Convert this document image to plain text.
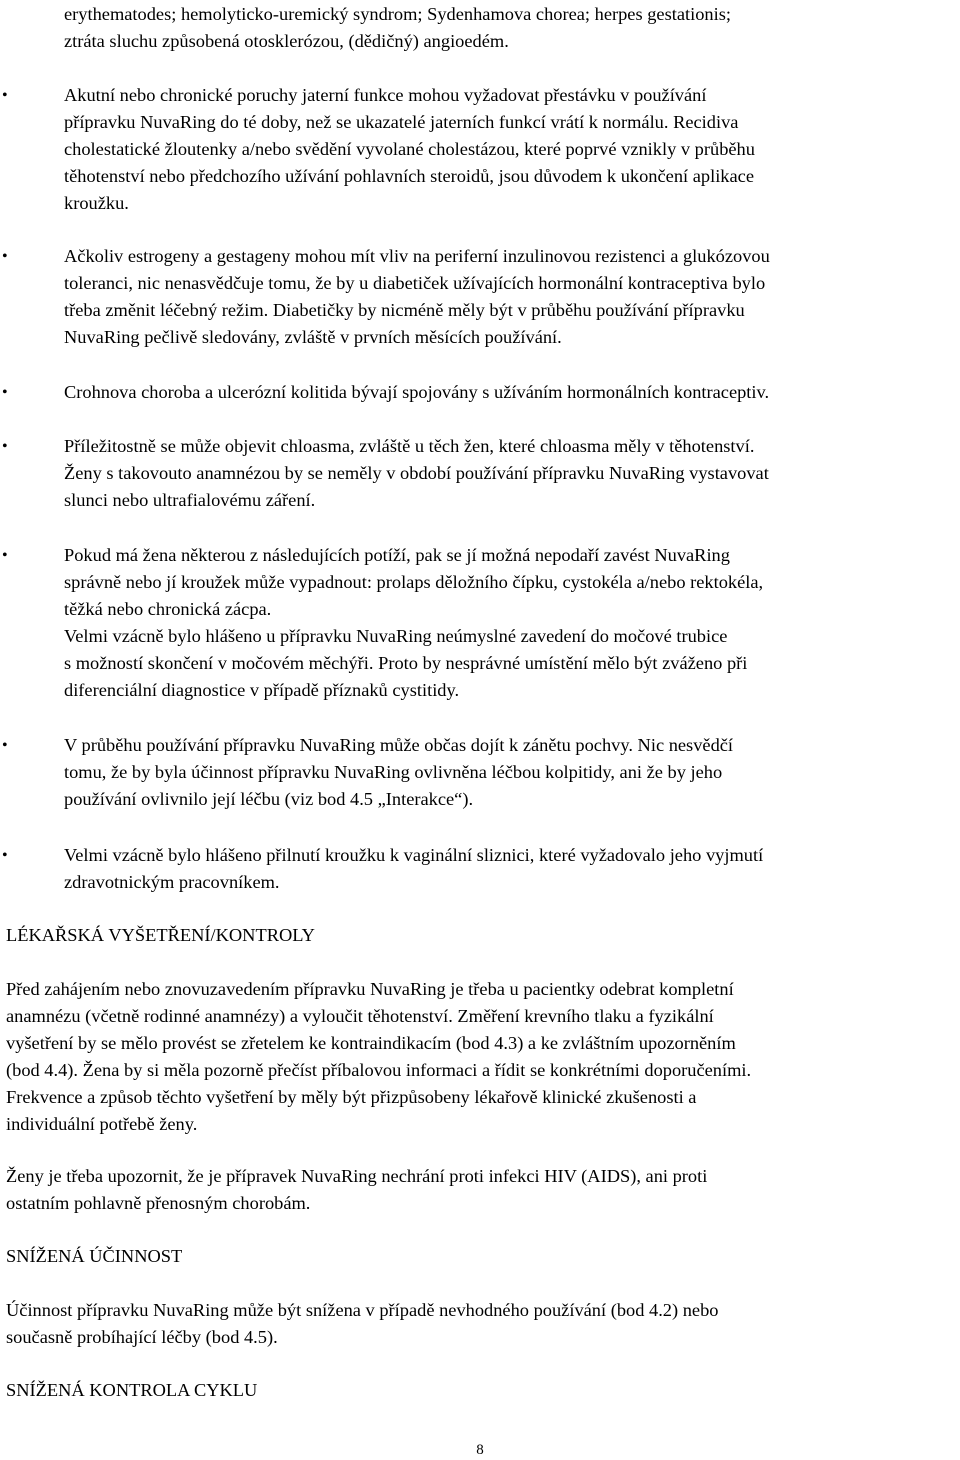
erythematodes; hemolyticko-uremický syndrom; Sydenhamova chorea; herpes gestationis;
ztráta sluchu způsobená otosklerózou, (dědičný) angioedém.
•	Akutní nebo chronické poruchy jaterní funkce mohou vyžadovat přestávku v používání
přípravku NuvaRing do té doby, než se ukazatelé jaterních funkcí vrátí k normálu. Recidiva
cholestatické žloutenky a/nebo svědění vyvolané cholestázou, které poprvé vznikly v průběhu
těhotenství nebo předchozího užívání pohlavních steroidů, jsou důvodem k ukončení aplikace
kroužku.
•	Ačkoliv estrogeny a gestageny mohou mít vliv na periferní inzulinovou rezistenci a glukózovou
toleranci, nic nenasvědčuje tomu, že by u diabetiček užívajících hormonální kontraceptiva bylo
třeba změnit léčebný režim. Diabetičky by nicméně měly být v průběhu používání přípravku
NuvaRing pečlivě sledovány, zvláště v prvních měsících používání.
•	Crohnova choroba a ulcerózní kolitida bývají spojovány s užíváním hormonálních kontraceptiv.
•	Příležitostně se může objevit chloasma, zvláště u těch žen, které chloasma měly v těhotenství.
Ženy s takovouto anamnézou by se neměly v období používání přípravku NuvaRing vystavovat
slunci nebo ultrafialovému záření.
•	Pokud má žena některou z následujících potíží, pak se jí možná nepodaří zavést NuvaRing
správně nebo jí kroužek může vypadnout: prolaps děložního čípku, cystokéla a/nebo rektokéla,
těžká nebo chronická zácpa.
Velmi vzácně bylo hlášeno u přípravku NuvaRing neúmyslné zavedení do močové trubice
s možností skončení v močovém měchýři. Proto by nesprávné umístění mělo být zváženo při
diferenciální diagnostice v případě příznaků cystitidy.
•	V průběhu používání přípravku NuvaRing může občas dojít k zánětu pochvy. Nic nesvědčí
tomu, že by byla účinnost přípravku NuvaRing ovlivněna léčbou kolpitidy, ani že by jeho
používání ovlivnilo její léčbu (viz bod 4.5 „Interakce“).
•	Velmi vzácně bylo hlášeno přilnutí kroužku k vaginální sliznici, které vyžadovalo jeho vyjmutí
zdravotnickým pracovníkem.
LÉKAŘSKÁ VYŠETŘENÍ/KONTROLY
Před zahájením nebo znovuzavedením přípravku NuvaRing je třeba u pacientky odebrat kompletní
anamnézu (včetně rodinné anamnézy) a vyloučit těhotenství. Změření krevního tlaku a fyzikální
vyšetření by se mělo provést se zřetelem ke kontraindikacím (bod 4.3) a ke zvláštním upozorněním
(bod 4.4). Žena by si měla pozorně přečíst příbalovou informaci a řídit se konkrétními doporučeními.
Frekvence a způsob těchto vyšetření by měly být přizpůsobeny lékařově klinické zkušenosti a
individuální potřebě ženy.
Ženy je třeba upozornit, že je přípravek NuvaRing nechrání proti infekci HIV (AIDS), ani proti
ostatním pohlavně přenosným chorobám.
SNÍŽENÁ ÚČINNOST
Účinnost přípravku NuvaRing může být snížena v případě nevhodného používání (bod 4.2) nebo
současně probíhající léčby (bod 4.5).
SNÍŽENÁ KONTROLA CYKLU
8
